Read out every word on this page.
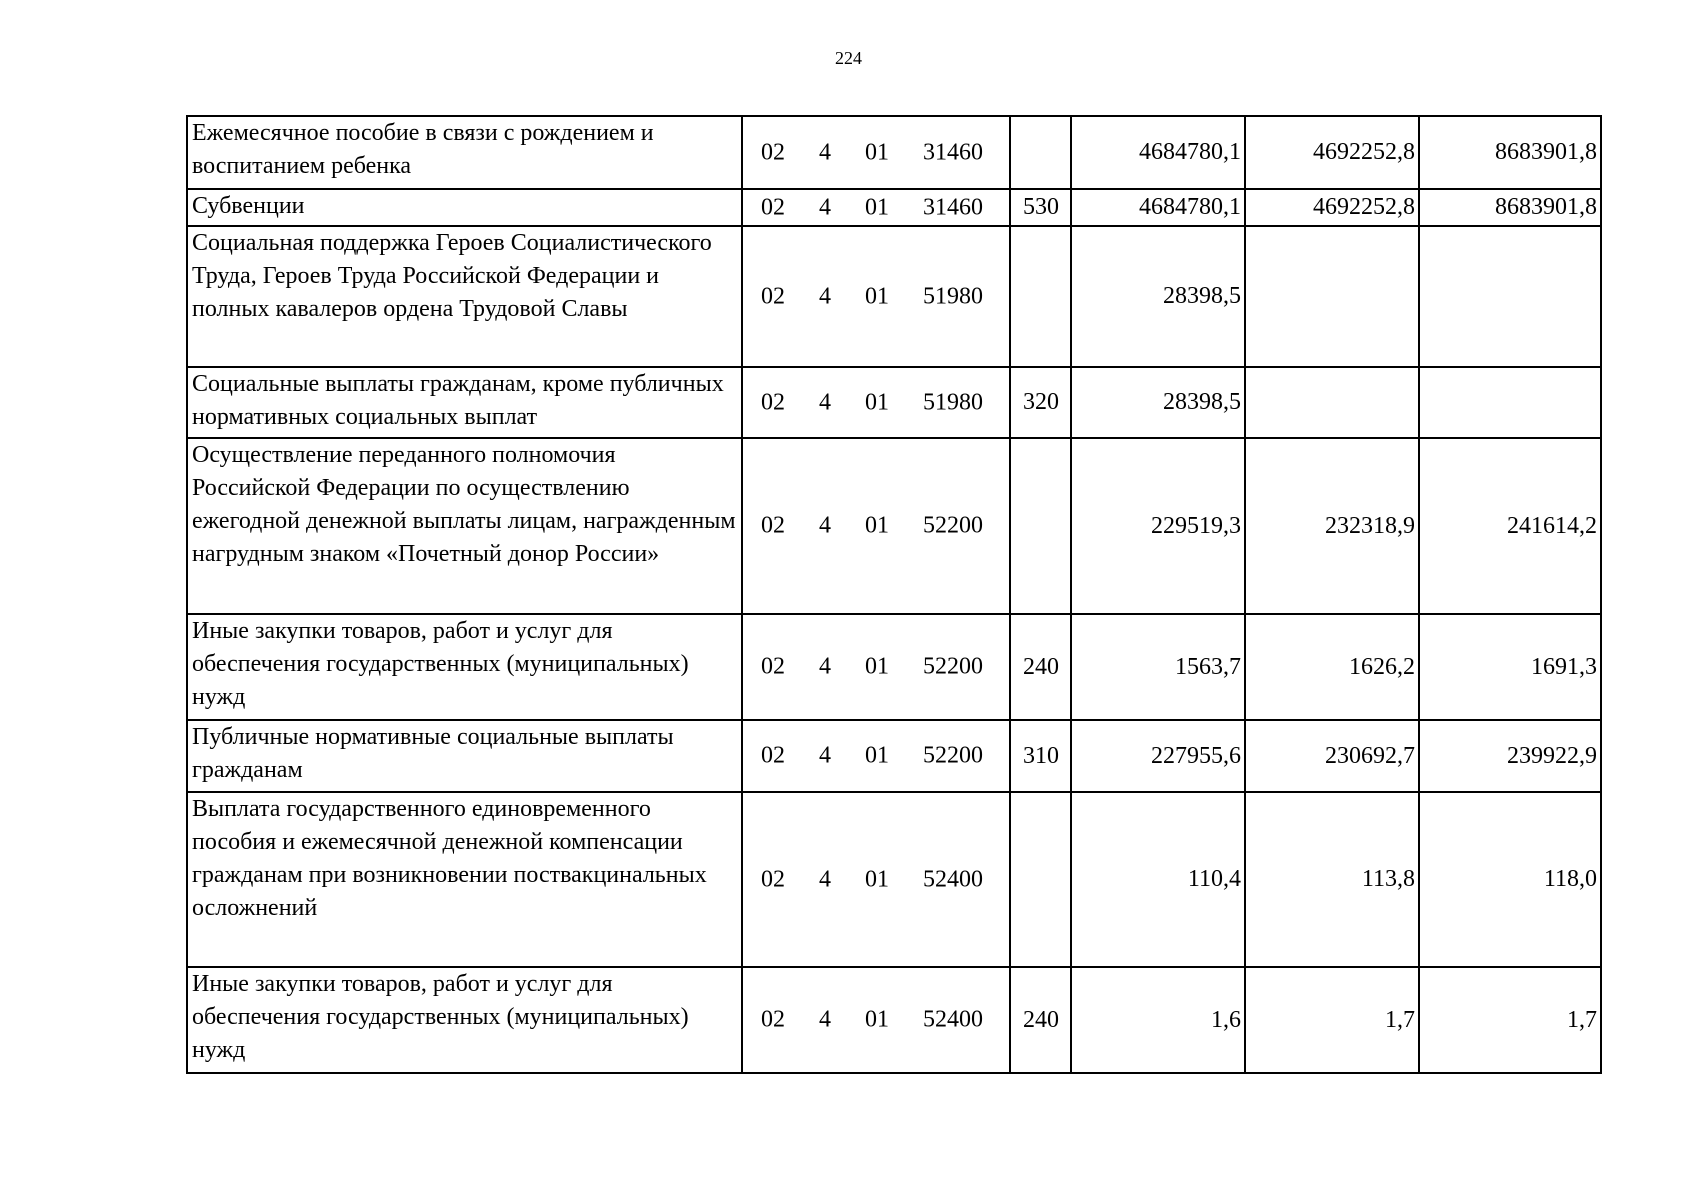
224
Ежемесячное пособие в связи с рождением и воспитанием ребенка	02 4 01 31460		4684780,1	4692252,8	8683901,8
Субвенции	02 4 01 31460	530	4684780,1	4692252,8	8683901,8
Социальная поддержка Героев Социалистического Труда, Героев Труда Российской Федерации и полных кавалеров ордена Трудовой Славы	02 4 01 51980		28398,5		
Социальные выплаты гражданам, кроме публичных нормативных социальных выплат	02 4 01 51980	320	28398,5		
Осуществление переданного полномочия Российской Федерации по осуществлению ежегодной денежной выплаты лицам, награжденным нагрудным знаком «Почетный донор России»	02 4 01 52200		229519,3	232318,9	241614,2
Иные закупки товаров, работ и услуг для обеспечения государственных (муниципальных) нужд	02 4 01 52200	240	1563,7	1626,2	1691,3
Публичные нормативные социальные выплаты гражданам	02 4 01 52200	310	227955,6	230692,7	239922,9
Выплата государственного единовременного пособия и ежемесячной денежной компенсации гражданам при возникновении поствакцинальных осложнений	02 4 01 52400		110,4	113,8	118,0
Иные закупки товаров, работ и услуг для обеспечения государственных (муниципальных) нужд	02 4 01 52400	240	1,6	1,7	1,7
